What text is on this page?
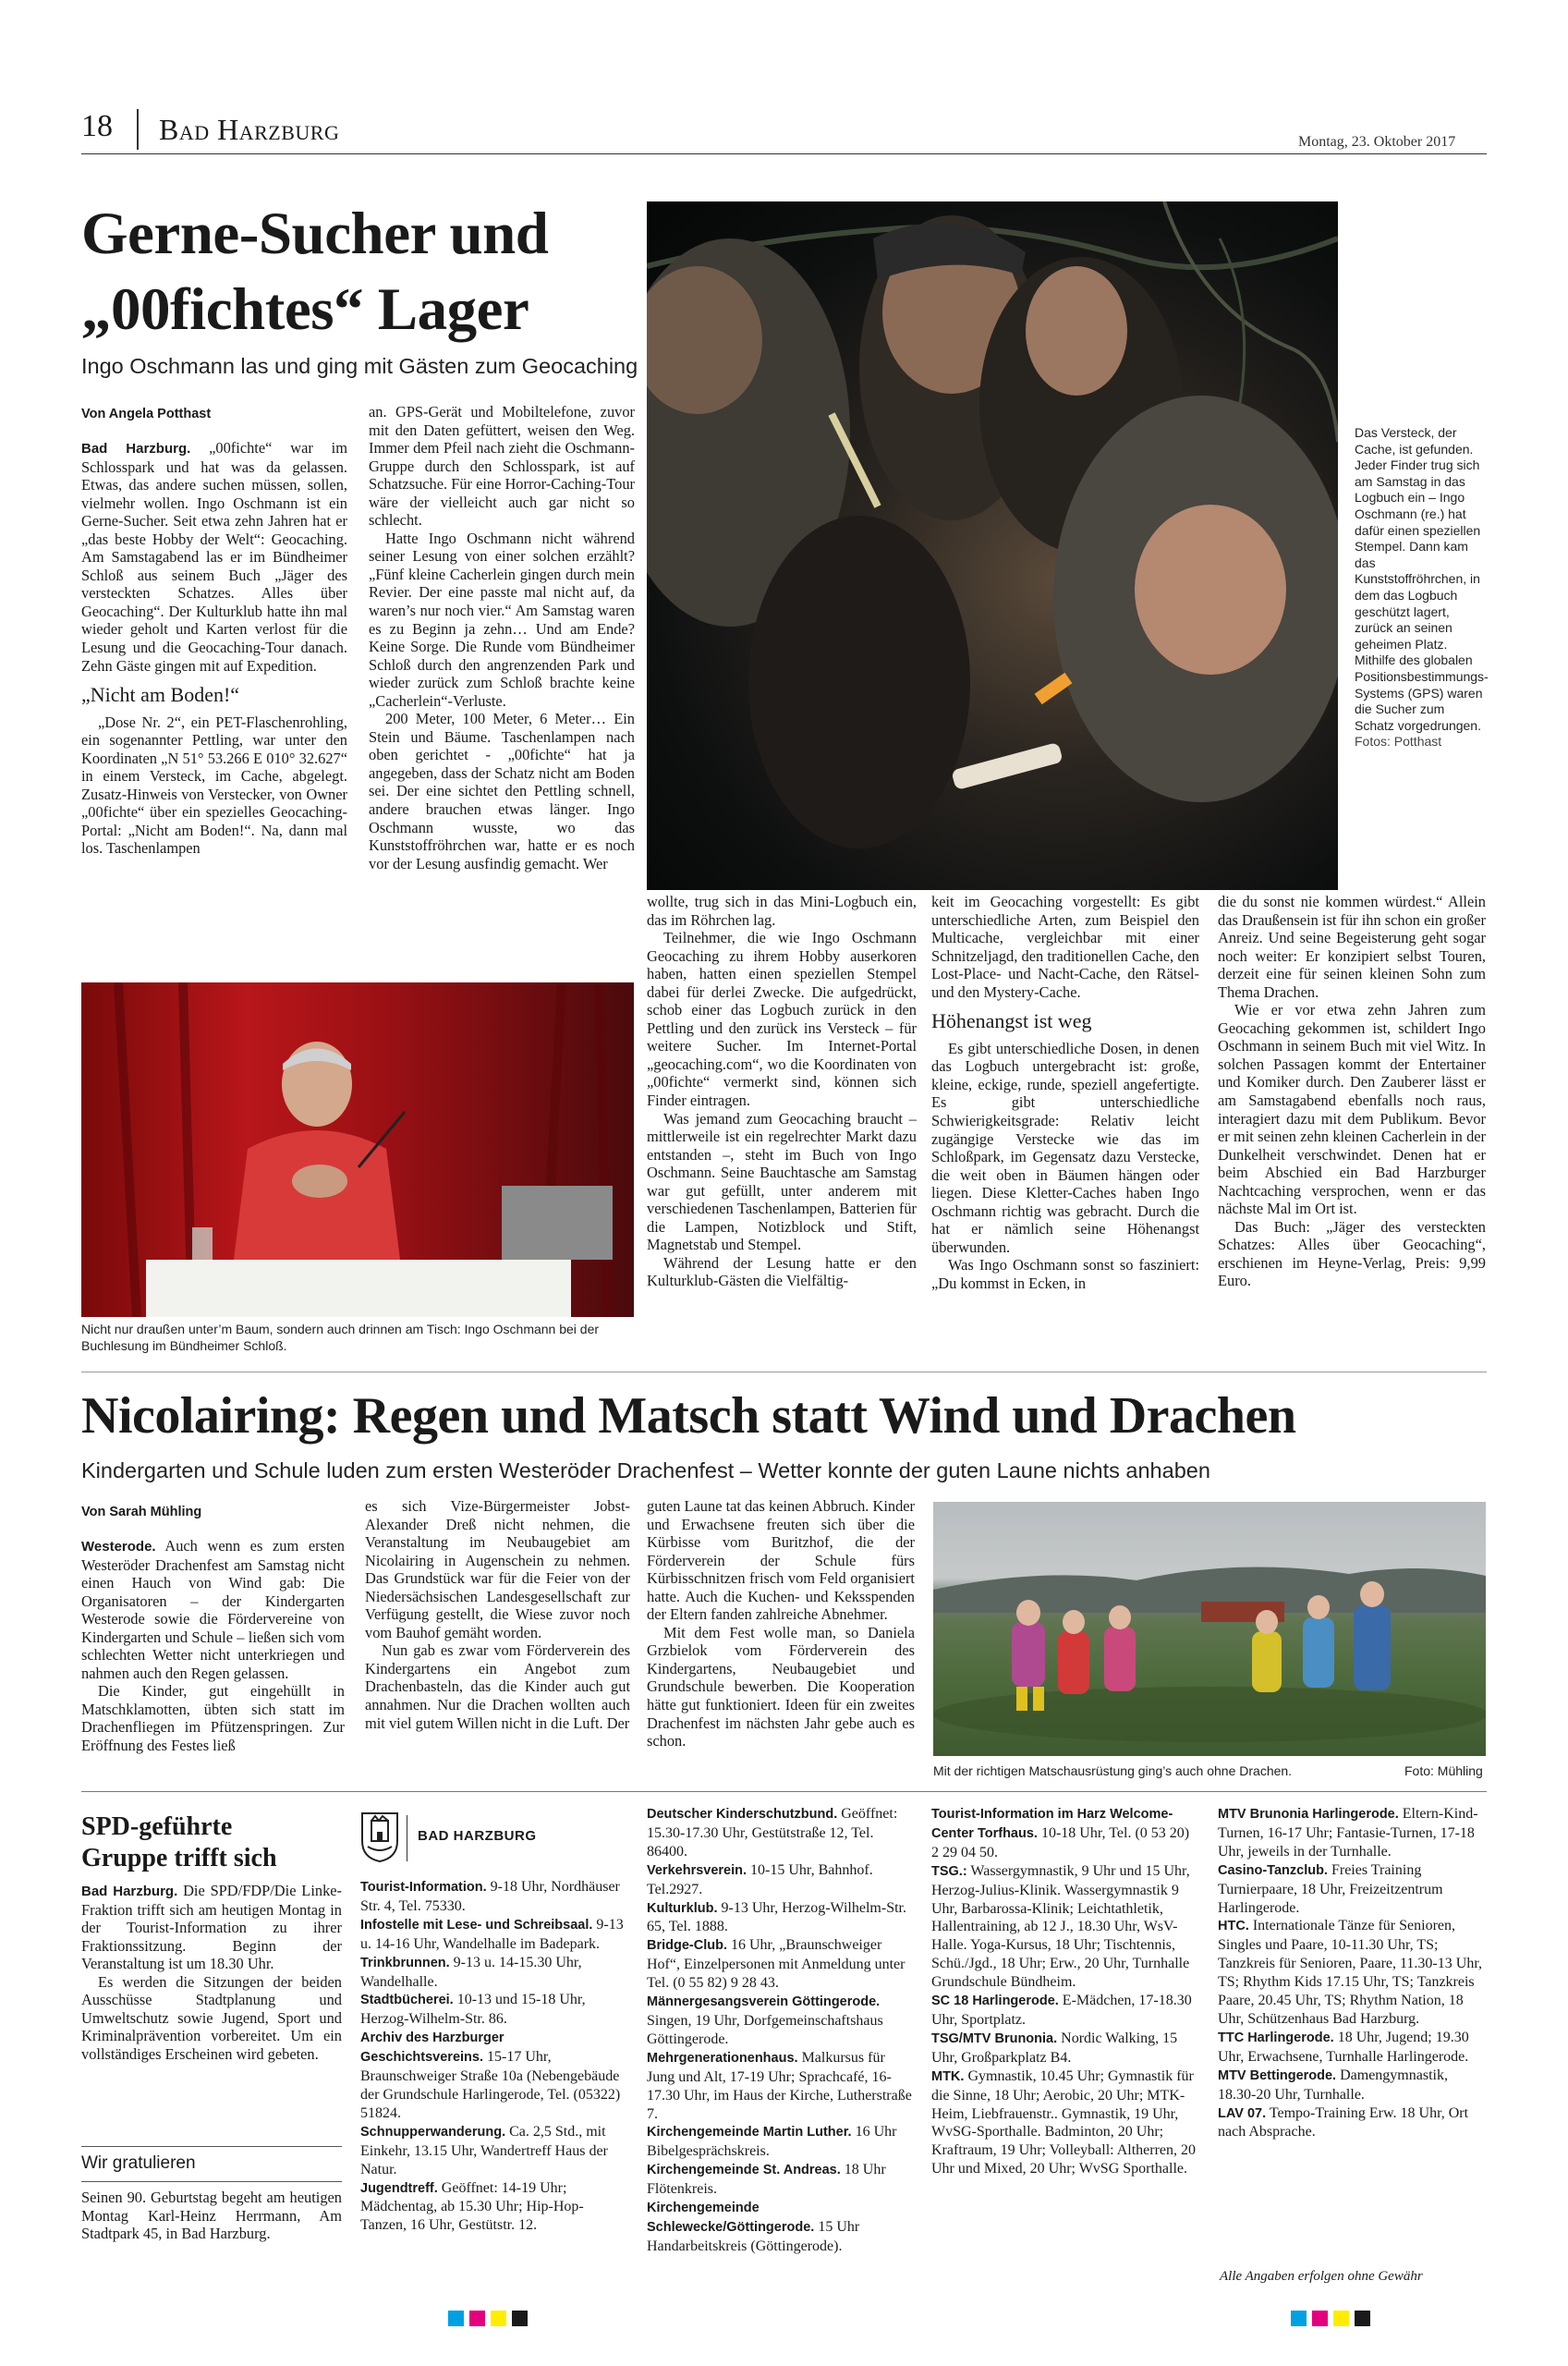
18 Bad Harzburg	Montag, 23. Oktober 2017
Gerne-Sucher und
„00fichtes“ Lager
Ingo Oschmann las und ging mit Gästen zum Geocaching
Von Angela Potthast

Bad Harzburg. „00fichte“ war im Schlosspark und hat was da gelassen. Etwas, das andere suchen müssen, sollen, vielmehr wollen. Ingo Oschmann ist ein Gerne-Sucher. Seit etwa zehn Jahren hat er „das beste Hobby der Welt“: Geocaching. Am Samstagabend las er im Bündheimer Schloß aus seinem Buch „Jäger des versteckten Schatzes. Alles über Geocaching“. Der Kulturklub hatte ihn mal wieder geholt und Karten verlost für die Lesung und die Geocaching-Tour danach. Zehn Gäste gingen mit auf Expedition.

„Nicht am Boden!“

„Dose Nr. 2“, ein PET-Flaschenrohling, ein sogenannter Pettling, war unter den Koordinaten „N 51° 53.266 E 010° 32.627“ in einem Versteck, im Cache, abgelegt. Zusatz-Hinweis von Verstecker, von Owner „00fichte“ über ein spezielles Geocaching-Portal: „Nicht am Boden!“. Na, dann mal los. Taschenlampen

an. GPS-Gerät und Mobiltelefone, zuvor mit den Daten gefüttert, weisen den Weg. Immer dem Pfeil nach zieht die Oschmann-Gruppe durch den Schlosspark, ist auf Schatzsuche. Für eine Horror-Caching-Tour wäre der vielleicht auch gar nicht so schlecht.

Hatte Ingo Oschmann nicht während seiner Lesung von einer solchen erzählt? „Fünf kleine Cacherlein gingen durch mein Revier. Der eine passte mal nicht auf, da waren’s nur noch vier.“ Am Samstag waren es zu Beginn ja zehn… Und am Ende? Keine Sorge. Die Runde vom Bündheimer Schloß durch den angrenzenden Park und wieder zurück zum Schloß brachte keine „Cacherlein“-Verluste.

200 Meter, 100 Meter, 6 Meter… Ein Stein und Bäume. Taschenlampen nach oben gerichtet - „00fichte“ hat ja angegeben, dass der Schatz nicht am Boden sei. Der eine sichtet den Pettling schnell, andere brauchen etwas länger. Ingo Oschmann wusste, wo das Kunststoffröhrchen war, hatte er es noch vor der Lesung ausfindig gemacht. Wer

Das Versteck, der Cache, ist gefunden. Jeder Finder trug sich am Samstag in das Logbuch ein – Ingo Oschmann (re.) hat dafür einen speziellen Stempel. Dann kam das Kunststoffröhrchen, in dem das Logbuch geschützt lagert, zurück an seinen geheimen Platz. Mithilfe des globalen Positionsbestimmungs-Systems (GPS) waren die Sucher zum Schatz vorgedrungen.
Fotos: Potthast
Nicht nur draußen unter’m Baum, sondern auch drinnen am Tisch: Ingo Oschmann bei der Buchlesung im Bündheimer Schloß.

wollte, trug sich in das Mini-Logbuch ein, das im Röhrchen lag.

Teilnehmer, die wie Ingo Oschmann Geocaching zu ihrem Hobby auserkoren haben, hatten einen speziellen Stempel dabei für derlei Zwecke. Die aufgedrückt, schob einer das Logbuch zurück in den Pettling und den zurück ins Versteck – für weitere Sucher. Im Internet-Portal „geocaching.com“, wo die Koordinaten von „00fichte“ vermerkt sind, können sich Finder eintragen.

Was jemand zum Geocaching braucht – mittlerweile ist ein regelrechter Markt dazu entstanden –, steht im Buch von Ingo Oschmann. Seine Bauchtasche am Samstag war gut gefüllt, unter anderem mit verschiedenen Taschenlampen, Batterien für die Lampen, Notizblock und Stift, Magnetstab und Stempel.

Während der Lesung hatte er den Kulturklub-Gästen die Vielfältig-

keit im Geocaching vorgestellt: Es gibt unterschiedliche Arten, zum Beispiel den Multicache, vergleichbar mit einer Schnitzeljagd, den traditionellen Cache, den Lost-Place- und Nacht-Cache, den Rätsel- und den Mystery-Cache.

Höhenangst ist weg

Es gibt unterschiedliche Dosen, in denen das Logbuch untergebracht ist: große, kleine, eckige, runde, speziell angefertigte. Es gibt unterschiedliche Schwierigkeitsgrade: Relativ leicht zugängige Verstecke wie das im Schloßpark, im Gegensatz dazu Verstecke, die weit oben in Bäumen hängen oder liegen. Diese Kletter-Caches haben Ingo Oschmann richtig was gebracht. Durch die hat er nämlich seine Höhenangst überwunden.

Was Ingo Oschmann sonst so fasziniert: „Du kommst in Ecken, in

die du sonst nie kommen würdest.“ Allein das Draußensein ist für ihn schon ein großer Anreiz. Und seine Begeisterung geht sogar noch weiter: Er konzipiert selbst Touren, derzeit eine für seinen kleinen Sohn zum Thema Drachen.

Wie er vor etwa zehn Jahren zum Geocaching gekommen ist, schildert Ingo Oschmann in seinem Buch mit viel Witz. In solchen Passagen kommt der Entertainer und Komiker durch. Den Zauberer lässt er am Samstagabend ebenfalls noch raus, interagiert dazu mit dem Publikum. Bevor er mit seinen zehn kleinen Cacherlein in der Dunkelheit verschwindet. Denen hat er beim Abschied ein Bad Harzburger Nachtcaching versprochen, wenn er das nächste Mal im Ort ist.

Das Buch: „Jäger des versteckten Schatzes: Alles über Geocaching“, erschienen im Heyne-Verlag, Preis: 9,99 Euro.

Nicolairing: Regen und Matsch statt Wind und Drachen
Kindergarten und Schule luden zum ersten Westeröder Drachenfest – Wetter konnte der guten Laune nichts anhaben
Von Sarah Mühling

Westerode. Auch wenn es zum ersten Westeröder Drachenfest am Samstag nicht einen Hauch von Wind gab: Die Organisatoren – der Kindergarten Westerode sowie die Fördervereine von Kindergarten und Schule – ließen sich vom schlechten Wetter nicht unterkriegen und nahmen auch den Regen gelassen.

Die Kinder, gut eingehüllt in Matschklamotten, übten sich statt im Drachenfliegen im Pfützenspringen. Zur Eröffnung des Festes ließ

es sich Vize-Bürgermeister Jobst-Alexander Dreß nicht nehmen, die Veranstaltung im Neubaugebiet am Nicolairing in Augenschein zu nehmen. Das Grundstück war für die Feier von der Niedersächsischen Landesgesellschaft zur Verfügung gestellt, die Wiese zuvor noch vom Bauhof gemäht worden.

Nun gab es zwar vom Förderverein des Kindergartens ein Angebot zum Drachenbasteln, das die Kinder auch gut annahmen. Nur die Drachen wollten auch mit viel gutem Willen nicht in die Luft. Der

guten Laune tat das keinen Abbruch. Kinder und Erwachsene freuten sich über die Kürbisse vom Buritzhof, die der Förderverein der Schule fürs Kürbisschnitzen frisch vom Feld organisiert hatte. Auch die Kuchen- und Keksspenden der Eltern fanden zahlreiche Abnehmer.

Mit dem Fest wolle man, so Daniela Grzbielok vom Förderverein des Kindergartens, Neubaugebiet und Grundschule bewerben. Die Kooperation hätte gut funktioniert. Ideen für ein zweites Drachenfest im nächsten Jahr gebe auch es schon.

Mit der richtigen Matschausrüstung ging’s auch ohne Drachen.	Foto: Mühling
SPD-geführte
Gruppe trifft sich

Bad Harzburg. Die SPD/FDP/Die Linke-Fraktion trifft sich am heutigen Montag in der Tourist-Information zu ihrer Fraktionssitzung. Beginn der Veranstaltung ist um 18.30 Uhr.

Es werden die Sitzungen der beiden Ausschüsse Stadtplanung und Umweltschutz sowie Jugend, Sport und Kriminalprävention vorbereitet. Um ein vollständiges Erscheinen wird gebeten.

Wir gratulieren

Seinen 90. Geburtstag begeht am heutigen Montag Karl-Heinz Herrmann, Am Stadtpark 45, in Bad Harzburg.

BAD HARZBURG

Tourist-Information. 9-18 Uhr, Nordhäuser Str. 4, Tel. 75330.

Infostelle mit Lese- und Schreibsaal. 9-13 u. 14-16 Uhr, Wandelhalle im Badepark.

Trinkbrunnen. 9-13 u. 14-15.30 Uhr, Wandelhalle.

Stadtbücherei. 10-13 und 15-18 Uhr, Herzog-Wilhelm-Str. 86.

Archiv des Harzburger Geschichtsvereins. 15-17 Uhr, Braunschweiger Straße 10a (Nebengebäude der Grundschule Harlingerode, Tel. (05322) 51824.

Schnupperwanderung. Ca. 2,5 Std., mit Einkehr, 13.15 Uhr, Wandertreff Haus der Natur.

Jugendtreff. Geöffnet: 14-19 Uhr; Mädchentag, ab 15.30 Uhr; Hip-Hop-Tanzen, 16 Uhr, Gestütstr. 12.

Deutscher Kinderschutzbund. Geöffnet: 15.30-17.30 Uhr, Gestütstraße 12, Tel. 86400.

Verkehrsverein. 10-15 Uhr, Bahnhof. Tel.2927.

Kulturklub. 9-13 Uhr, Herzog-Wilhelm-Str. 65, Tel. 1888.

Bridge-Club. 16 Uhr, „Braunschweiger Hof“, Einzelpersonen mit Anmeldung unter Tel. (0 55 82) 9 28 43.

Männergesangsverein Göttingerode. Singen, 19 Uhr, Dorfgemeinschaftshaus Göttingerode.

Mehrgenerationenhaus. Malkursus für Jung und Alt, 17-19 Uhr; Sprachcafé, 16-17.30 Uhr, im Haus der Kirche, Lutherstraße 7.

Kirchengemeinde Martin Luther. 16 Uhr Bibelgesprächskreis.

Kirchengemeinde St. Andreas. 18 Uhr Flötenkreis.

Kirchengemeinde Schlewecke/Göttingerode. 15 Uhr Handarbeitskreis (Göttingerode).

Tourist-Information im Harz Welcome-Center Torfhaus. 10-18 Uhr, Tel. (0 53 20) 2 29 04 50.

TSG.: Wassergymnastik, 9 Uhr und 15 Uhr, Herzog-Julius-Klinik. Wassergymnastik 9 Uhr, Barbarossa-Klinik; Leichtathletik, Hallentraining, ab 12 J., 18.30 Uhr, WsV-Halle. Yoga-Kursus, 18 Uhr; Tischtennis, Schü./Jgd., 18 Uhr; Erw., 20 Uhr, Turnhalle Grundschule Bündheim.

SC 18 Harlingerode. E-Mädchen, 17-18.30 Uhr, Sportplatz.

TSG/MTV Brunonia. Nordic Walking, 15 Uhr, Großparkplatz B4.

MTK. Gymnastik, 10.45 Uhr; Gymnastik für die Sinne, 18 Uhr; Aerobic, 20 Uhr; MTK-Heim, Liebfrauenstr.. Gymnastik, 19 Uhr, WvSG-Sporthalle. Badminton, 20 Uhr; Kraftraum, 19 Uhr; Volleyball: Altherren, 20 Uhr und Mixed, 20 Uhr; WvSG Sporthalle.

MTV Brunonia Harlingerode. Eltern-Kind-Turnen, 16-17 Uhr; Fantasie-Turnen, 17-18 Uhr, jeweils in der Turnhalle.

Casino-Tanzclub. Freies Training Turnierpaare, 18 Uhr, Freizeitzentrum Harlingerode.

HTC. Internationale Tänze für Senioren, Singles und Paare, 10-11.30 Uhr, TS; Tanzkreis für Senioren, Paare, 11.30-13 Uhr, TS; Rhythm Kids 17.15 Uhr, TS; Tanzkreis Paare, 20.45 Uhr, TS; Rhythm Nation, 18 Uhr, Schützenhaus Bad Harzburg.

TTC Harlingerode. 18 Uhr, Jugend; 19.30 Uhr, Erwachsene, Turnhalle Harlingerode.

MTV Bettingerode. Damengymnastik, 18.30-20 Uhr, Turnhalle.

LAV 07. Tempo-Training Erw. 18 Uhr, Ort nach Absprache.

Alle Angaben erfolgen ohne Gewähr
